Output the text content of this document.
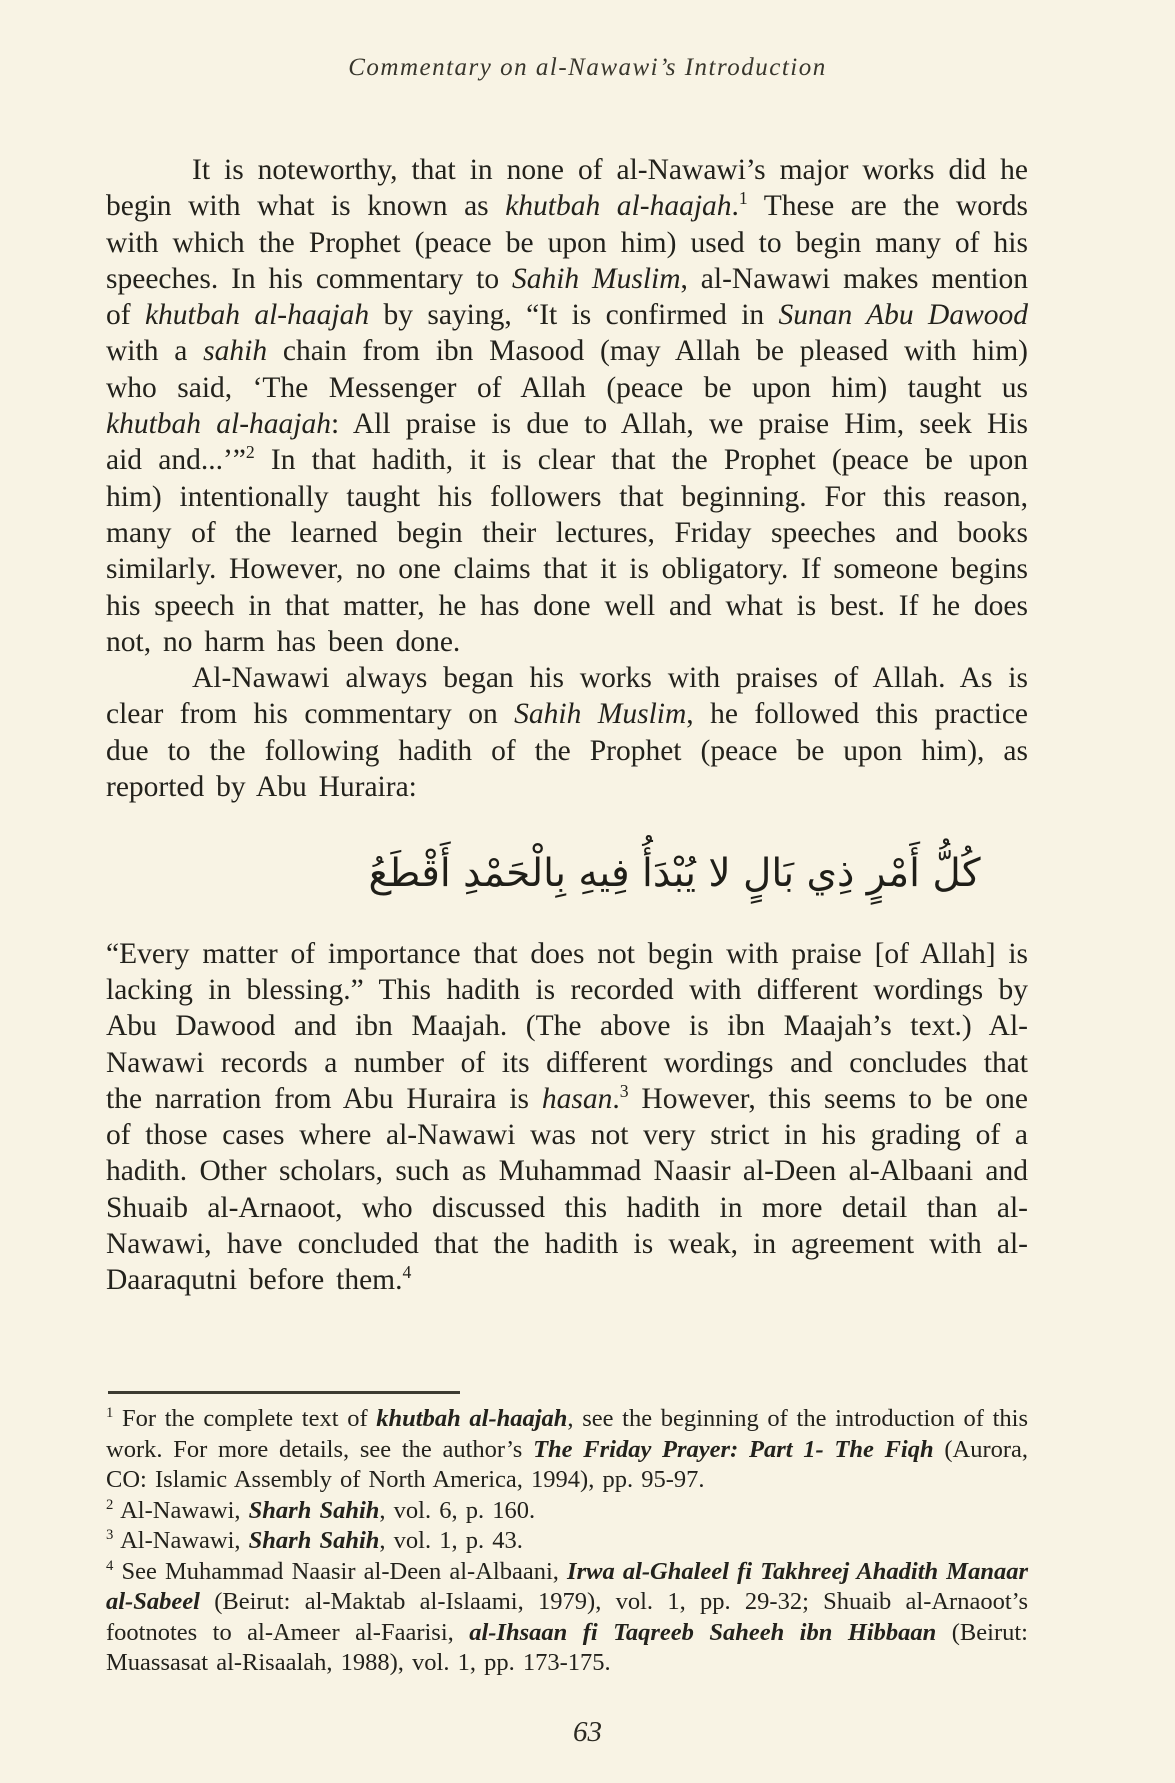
Commentary on al-Nawawi’s Introduction

It is noteworthy, that in none of al-Nawawi’s major works did he begin with what is known as khutbah al-haajah.$^1$ These are the words with which the Prophet (peace be upon him) used to begin many of his speeches. In his commentary to Sahih Muslim, al-Nawawi makes mention of khutbah al-haajah by saying, “It is confirmed in Sunan Abu Dawood with a sahih chain from ibn Masood (may Allah be pleased with him) who said, ‘The Messenger of Allah (peace be upon him) taught us khutbah al-haajah: All praise is due to Allah, we praise Him, seek His aid and...’”$^2$ In that hadith, it is clear that the Prophet (peace be upon him) intentionally taught his followers that beginning. For this reason, many of the learned begin their lectures, Friday speeches and books similarly. However, no one claims that it is obligatory. If someone begins his speech in that matter, he has done well and what is best. If he does not, no harm has been done.

Al-Nawawi always began his works with praises of Allah. As is clear from his commentary on Sahih Muslim, he followed this practice due to the following hadith of the Prophet (peace be upon him), as reported by Abu Huraira:

كُلُّ أَمْرٍ ذِي بَالٍ لا يُبْدَأُ فِيهِ بِالْحَمْدِ أَقْطَعُ

“Every matter of importance that does not begin with praise [of Allah] is lacking in blessing.” This hadith is recorded with different wordings by Abu Dawood and ibn Maajah. (The above is ibn Maajah’s text.) Al-Nawawi records a number of its different wordings and concludes that the narration from Abu Huraira is hasan.$^3$ However, this seems to be one of those cases where al-Nawawi was not very strict in his grading of a hadith. Other scholars, such as Muhammad Naasir al-Deen al-Albaani and Shuaib al-Arnaoot, who discussed this hadith in more detail than al-Nawawi, have concluded that the hadith is weak, in agreement with al-Daaraqutni before them.$^4$

$^1$ For the complete text of khutbah al-haajah, see the beginning of the introduction of this work. For more details, see the author’s The Friday Prayer: Part 1- The Fiqh (Aurora, CO: Islamic Assembly of North America, 1994), pp. 95-97.

$^2$ Al-Nawawi, Sharh Sahih, vol. 6, p. 160.

$^3$ Al-Nawawi, Sharh Sahih, vol. 1, p. 43.

$^4$ See Muhammad Naasir al-Deen al-Albaani, Irwa al-Ghaleel fi Takhreej Ahadith Manaar al-Sabeel (Beirut: al-Maktab al-Islaami, 1979), vol. 1, pp. 29-32; Shuaib al-Arnaoot’s footnotes to al-Ameer al-Faarisi, al-Ihsaan fi Taqreeb Saheeh ibn Hibbaan (Beirut: Muassasat al-Risaalah, 1988), vol. 1, pp. 173-175.

63
